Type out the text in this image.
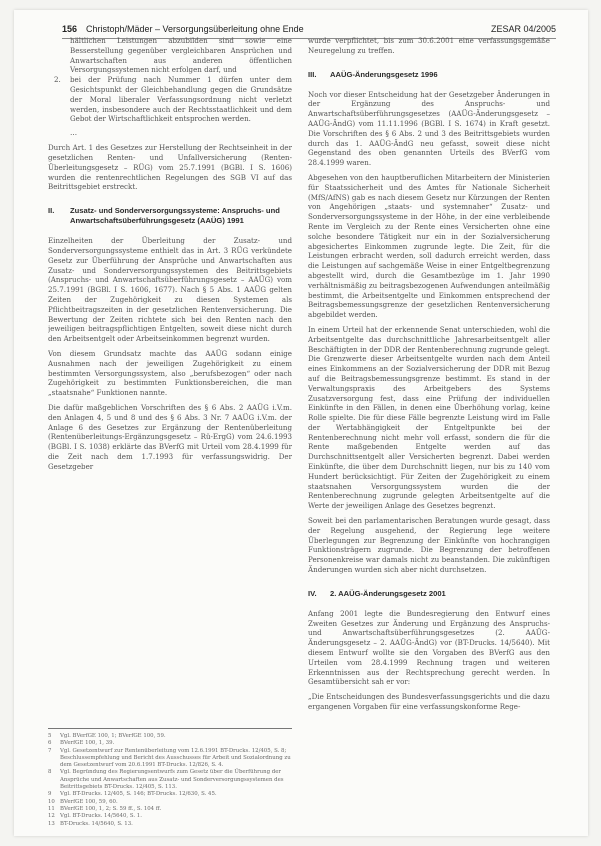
156 Christoph/Mäder – Versorgungsüberleitung ohne Ende	ZESAR 04/2005

hältlichen Leistungen abzubilden sind sowie eine Besserstellung gegenüber vergleichbaren Ansprüchen und Anwartschaften aus anderen öffentlichen Versorgungssystemen nicht erfolgen darf, und

2. bei der Prüfung nach Nummer 1 dürfen unter dem Gesichtspunkt der Gleichbehandlung gegen die Grundsätze der Moral liberaler Verfassungsordnung nicht verletzt werden, insbesondere auch der Rechtsstaatlichkeit und dem Gebot der Wirtschaftlichkeit entsprochen werden.
…

Durch Art. 1 des Gesetzes zur Herstellung der Rechtseinheit in der gesetzlichen Renten- und Unfallversicherung (Renten-Überleitungsgesetz – RÜG) vom 25.7.1991 (BGBl. I S. 1606) wurden die rentenrechtlichen Regelungen des SGB VI auf das Beitrittsgebiet erstreckt.

II. Zusatz- und Sonderversorgungssysteme: Anspruchs- und Anwartschaftsüberführungsgesetz (AAÜG) 1991

Einzelheiten der Überleitung der Zusatz- und Sonderversorgungssysteme enthielt das in Art. 3 RÜG verkündete Gesetz zur Überführung der Ansprüche und Anwartschaften aus Zusatz- und Sonderversorgungssystemen des Beitrittsgebiets (Anspruchs- und Anwartschaftsüberführungsgesetz – AAÜG) vom 25.7.1991 (BGBl. I S. 1606, 1677). Nach § 5 Abs. 1 AAÜG gelten Zeiten der Zugehörigkeit zu diesen Systemen als Pflichtbeitragszeiten in der gesetzlichen Rentenversicherung. Die Bewertung der Zeiten richtete sich bei den Renten nach den jeweiligen beitragspflichtigen Entgelten, soweit diese nicht durch den Arbeitsentgelt oder Arbeitseinkommen begrenzt wurden.

Von diesem Grundsatz machte das AAÜG sodann einige Ausnahmen nach der jeweiligen Zugehörigkeit zu einem bestimmten Versorgungssystem, also „berufsbezogen“ oder nach Zugehörigkeit zu bestimmten Funktionsbereichen, die man „staatsnahe“ Funktionen nannte.

Die dafür maßgeblichen Vorschriften des § 6 Abs. 2 AAÜG i.V.m. den Anlagen 4, 5 und 8 und des § 6 Abs. 3 Nr. 7 AAÜG i.V.m. der Anlage 6 des Gesetzes zur Ergänzung der Rentenüberleitung (Rentenüberleitungs-Ergänzungsgesetz – Rü-ErgG) vom 24.6.1993 (BGBl. I S. 1038) erklärte das BVerfG mit Urteil vom 28.4.1999 für die Zeit nach dem 1.7.1993 für verfassungswidrig. Der Gesetzgeber

5 Vgl. BVerfGE 100, 1; BVerfGE 100, 59.
6 BVerfGE 100, 1, 39.
7 Vgl. Gesetzentwurf zur Rentenüberleitung vom 12.6.1991 BT-Drucks. 12/405, S. 8; Beschlussempfehlung und Bericht des Ausschusses für Arbeit und Sozialordnung zu dem Gesetzentwurf vom 20.6.1991 BT-Drucks. 12/826, S. 4.
8 Vgl. Begründung des Regierungsentwurfs zum Gesetz über die Überführung der Ansprüche und Anwartschaften aus Zusatz- und Sonderversorgungssystemen des Beitrittsgebiets BT-Drucks. 12/405, S. 113.
9 Vgl. BT-Drucks. 12/405, S. 146; BT-Drucks. 12/630, S. 45.
10 BVerfGE 100, 59, 60.
11 BVerfGE 100, 1, 2; S. 59 ff., S. 104 ff.
12 Vgl. BT-Drucks. 14/5640, S. 1.
13 BT-Drucks. 14/5640, S. 13.

wurde verpflichtet, bis zum 30.6.2001 eine verfassungsgemäße Neuregelung zu treffen.

III. AAÜG-Änderungsgesetz 1996

Noch vor dieser Entscheidung hat der Gesetzgeber Änderungen in der Ergänzung des Anspruchs- und Anwartschaftsüberführungsgesetzes (AAÜG-Änderungsgesetz – AAÜG-ÄndG) vom 11.11.1996 (BGBl. I S. 1674) in Kraft gesetzt. Die Vorschriften des § 6 Abs. 2 und 3 des Beitrittsgebiets wurden durch das 1. AAÜG-ÄndG neu gefasst, soweit diese nicht Gegenstand des oben genannten Urteils des BVerfG vom 28.4.1999 waren.

Abgesehen von den hauptberuflichen Mitarbeitern der Ministerien für Staatssicherheit und des Amtes für Nationale Sicherheit (MfS/AfNS) gab es nach diesem Gesetz nur Kürzungen der Renten von Angehörigen „staats- und systemnaher“ Zusatz- und Sonderversorgungssysteme in der Höhe, in der eine verbleibende Rente im Vergleich zu der Rente eines Versicherten ohne eine solche besondere Tätigkeit nur ein in der Sozialversicherung abgesichertes Einkommen zugrunde legte. Die Zeit, für die Leistungen erbracht werden, soll dadurch erreicht werden, dass die Leistungen auf sachgemäße Weise in einer Entgeltbegrenzung abgestellt wird, durch die Gesamtbezüge im 1. Jahr 1990 verhältnismäßig zu beitragsbezogenen Aufwendungen anteilmäßig bestimmt, die Arbeitsentgelte und Einkommen entsprechend der Beitragsbemessungsgrenze der gesetzlichen Rentenversicherung abgebildet werden.

In einem Urteil hat der erkennende Senat unterschieden, wohl die Arbeitsentgelte das durchschnittliche Jahresarbeitsentgelt aller Beschäftigten in der DDR der Rentenberechnung zugrunde gelegt. Die Grenzwerte dieser Arbeitsentgelte wurden nach dem Anteil eines Einkommens an der Sozialversicherung der DDR mit Bezug auf die Beitragsbemessungsgrenze bestimmt. Es stand in der Verwaltungspraxis des Arbeitgebers des Systems Zusatzversorgung fest, dass eine Prüfung der individuellen Einkünfte in den Fällen, in denen eine Überhöhung vorlag, keine Rolle spielte. Die für diese Fälle begrenzte Leistung wird im Falle der Wertabhängigkeit der Entgeltpunkte bei der Rentenberechnung nicht mehr voll erfasst, sondern die für die Rente maßgebenden Entgelte werden auf das Durchschnittsentgelt aller Versicherten begrenzt. Dabei werden Einkünfte, die über dem Durchschnitt liegen, nur bis zu 140 vom Hundert berücksichtigt. Für Zeiten der Zugehörigkeit zu einem staatsnahen Versorgungssystem wurden die der Rentenberechnung zugrunde gelegten Arbeitsentgelte auf die Werte der jeweiligen Anlage des Gesetzes begrenzt.

Soweit bei den parlamentarischen Beratungen wurde gesagt, dass der Regelung ausgehend, der Regierung lege weitere Überlegungen zur Begrenzung der Einkünfte von hochrangigen Funktionsträgern zugrunde. Die Begrenzung der betroffenen Personenkreise war damals nicht zu beanstanden. Die zukünftigen Änderungen wurden sich aber nicht durchsetzen.

IV. 2. AAÜG-Änderungsgesetz 2001

Anfang 2001 legte die Bundesregierung den Entwurf eines Zweiten Gesetzes zur Änderung und Ergänzung des Anspruchs- und Anwartschaftsüberführungsgesetzes (2. AAÜG-Änderungsgesetz – 2. AAÜG-ÄndG) vor (BT-Drucks. 14/5640). Mit diesem Entwurf wollte sie den Vorgaben des BVerfG aus den Urteilen vom 28.4.1999 Rechnung tragen und weiteren Erkenntnissen aus der Rechtsprechung gerecht werden. In Gesamtübersicht sah er vor:

„Die Entscheidungen des Bundesverfassungsgerichts und die dazu ergangenen Vorgaben für eine verfassungskonforme Rege-
